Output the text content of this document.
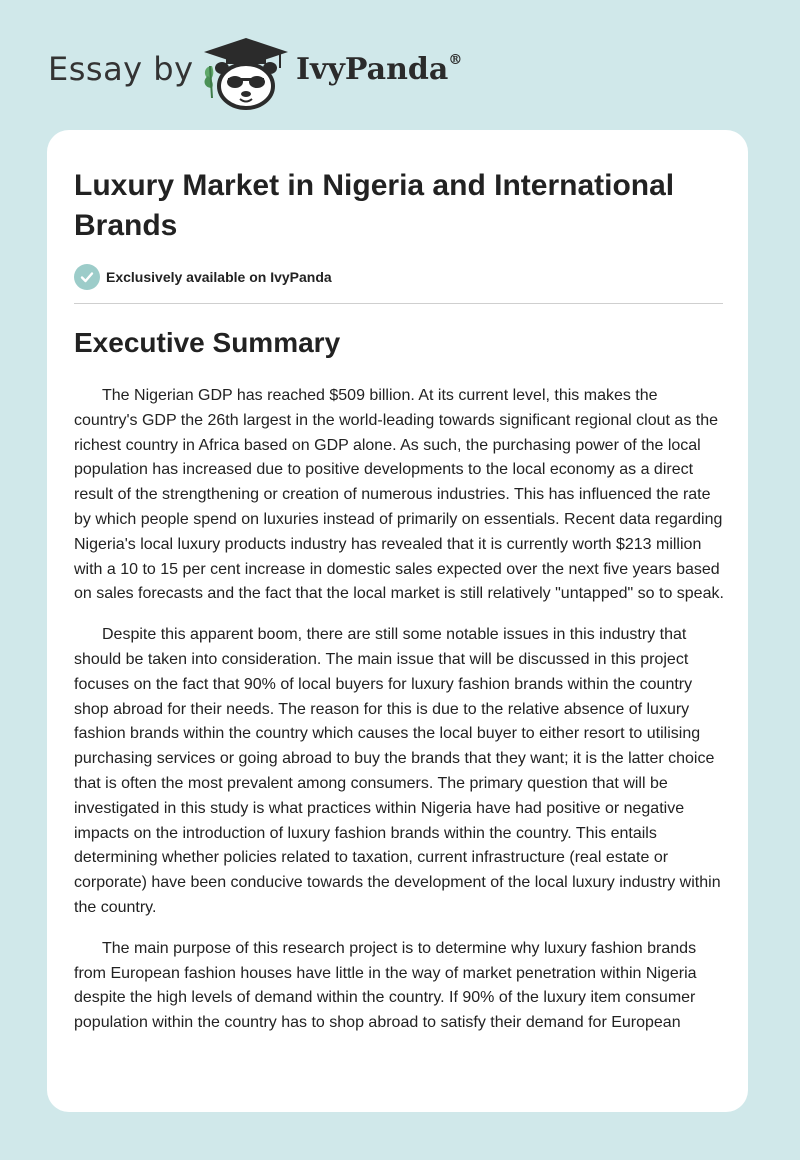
Essay by	IvyPanda®
Luxury Market in Nigeria and International Brands
Exclusively available on IvyPanda
Executive Summary

The Nigerian GDP has reached $509 billion. At its current level, this makes the country's GDP the 26th largest in the world-leading towards significant regional clout as the richest country in Africa based on GDP alone. As such, the purchasing power of the local population has increased due to positive developments to the local economy as a direct result of the strengthening or creation of numerous industries. This has influenced the rate by which people spend on luxuries instead of primarily on essentials. Recent data regarding Nigeria's local luxury products industry has revealed that it is currently worth $213 million with a 10 to 15 per cent increase in domestic sales expected over the next five years based on sales forecasts and the fact that the local market is still relatively "untapped" so to speak.

Despite this apparent boom, there are still some notable issues in this industry that should be taken into consideration. The main issue that will be discussed in this project focuses on the fact that 90% of local buyers for luxury fashion brands within the country shop abroad for their needs. The reason for this is due to the relative absence of luxury fashion brands within the country which causes the local buyer to either resort to utilising purchasing services or going abroad to buy the brands that they want; it is the latter choice that is often the most prevalent among consumers. The primary question that will be investigated in this study is what practices within Nigeria have had positive or negative impacts on the introduction of luxury fashion brands within the country. This entails determining whether policies related to taxation, current infrastructure (real estate or corporate) have been conducive towards the development of the local luxury industry within the country.

The main purpose of this research project is to determine why luxury fashion brands from European fashion houses have little in the way of market penetration within Nigeria despite the high levels of demand within the country. If 90% of the luxury item consumer population within the country has to shop abroad to satisfy their demand for European
